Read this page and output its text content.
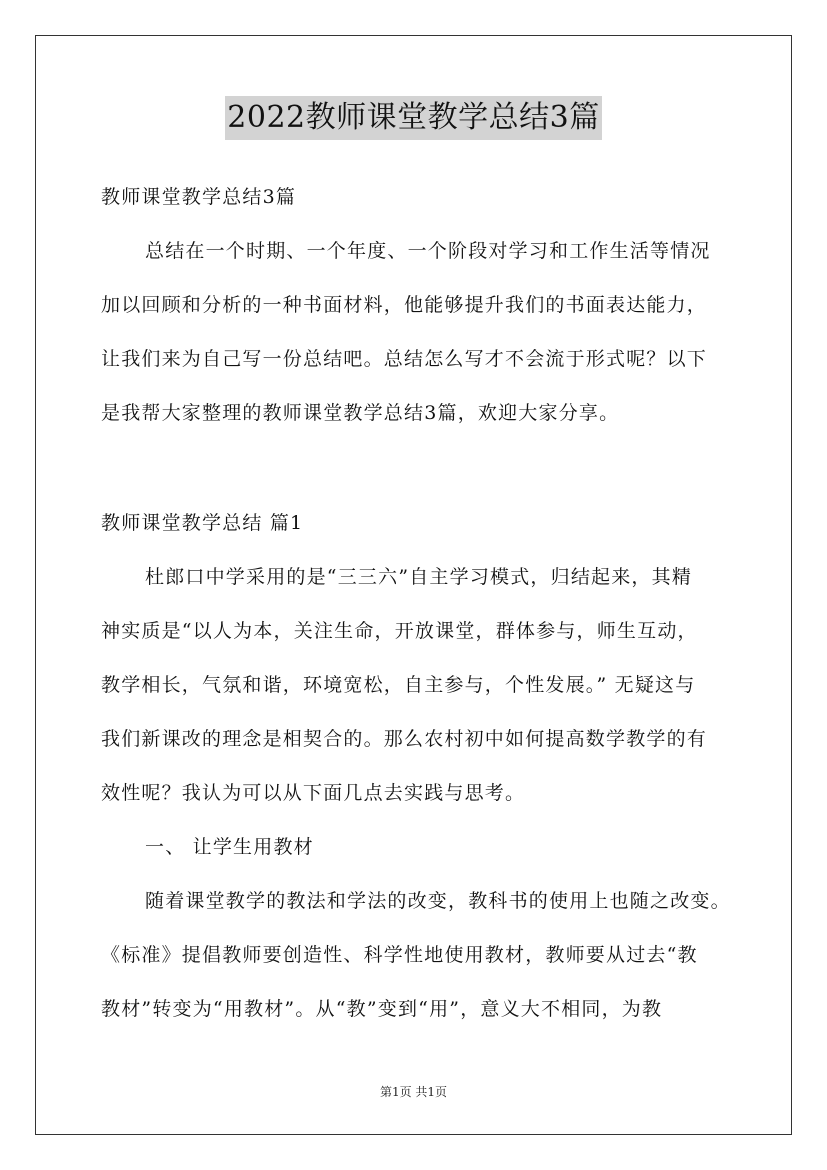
2022教师课堂教学总结3篇
教师课堂教学总结3篇
总结在一个时期、一个年度、一个阶段对学习和工作生活等情况
加以回顾和分析的一种书面材料，他能够提升我们的书面表达能力，
让我们来为自己写一份总结吧。总结怎么写才不会流于形式呢？以下
是我帮大家整理的教师课堂教学总结3篇，欢迎大家分享。
教师课堂教学总结 篇1
杜郎口中学采用的是“三三六”自主学习模式，归结起来，其精
神实质是“以人为本，关注生命，开放课堂，群体参与，师生互动，
教学相长，气氛和谐，环境宽松，自主参与，个性发展。” 无疑这与
我们新课改的理念是相契合的。那么农村初中如何提高数学教学的有
效性呢？我认为可以从下面几点去实践与思考。
一、 让学生用教材
随着课堂教学的教法和学法的改变，教科书的使用上也随之改变。
《标准》提倡教师要创造性、科学性地使用教材，教师要从过去“教
教材”转变为“用教材”。从“教”变到“用”，意义大不相同，为教
第1页 共1页
